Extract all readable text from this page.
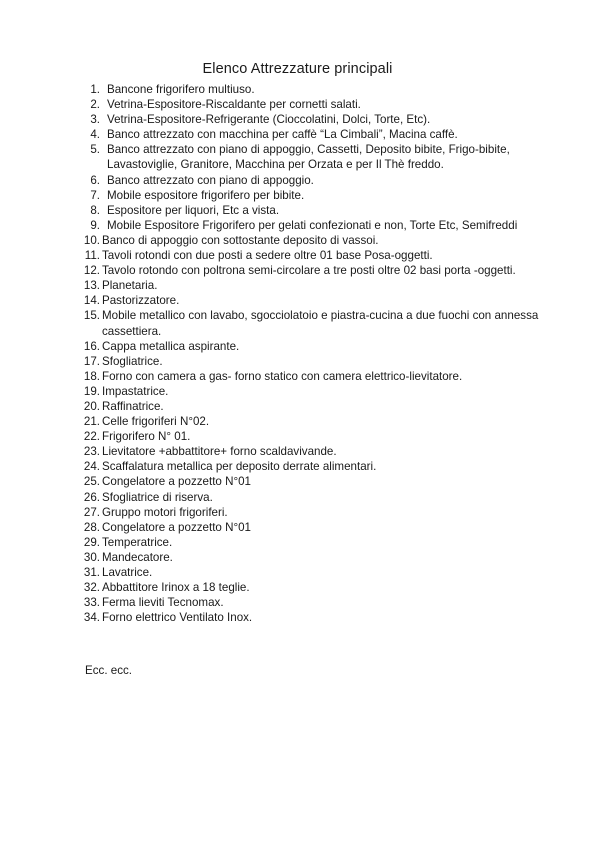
Elenco Attrezzature principali
1. Bancone frigorifero multiuso.
2. Vetrina-Espositore-Riscaldante per cornetti salati.
3. Vetrina-Espositore-Refrigerante (Cioccolatini, Dolci, Torte, Etc).
4. Banco attrezzato con macchina per caffè “La Cimbali”, Macina caffè.
5. Banco attrezzato con piano di appoggio, Cassetti, Deposito bibite, Frigo-bibite, Lavastoviglie, Granitore, Macchina per Orzata e per Il Thè freddo.
6. Banco attrezzato con piano di appoggio.
7. Mobile espositore frigorifero per bibite.
8. Espositore per liquori, Etc a vista.
9. Mobile Espositore Frigorifero per gelati confezionati e non, Torte Etc, Semifreddi
10. Banco di appoggio con sottostante deposito di vassoi.
11. Tavoli rotondi con due posti a sedere oltre 01 base Posa-oggetti.
12. Tavolo rotondo con poltrona semi-circolare a tre posti oltre 02 basi porta -oggetti.
13. Planetaria.
14. Pastorizzatore.
15. Mobile metallico con lavabo, sgocciolatoio e piastra-cucina a due fuochi con annessa cassettiera.
16. Cappa metallica aspirante.
17. Sfogliatrice.
18. Forno con camera a gas- forno statico con camera elettrico-lievitatore.
19. Impastatrice.
20. Raffinatrice.
21. Celle frigoriferi N°02.
22. Frigorifero N° 01.
23. Lievitatore +abbattitore+ forno scaldavivande.
24. Scaffalatura metallica per deposito derrate alimentari.
25. Congelatore a pozzetto N°01
26. Sfogliatrice di riserva.
27. Gruppo motori frigoriferi.
28. Congelatore a pozzetto N°01
29. Temperatrice.
30. Mandecatore.
31. Lavatrice.
32. Abbattitore Irinox a 18 teglie.
33. Ferma lieviti Tecnomax.
34. Forno elettrico Ventilato Inox.
Ecc. ecc.
